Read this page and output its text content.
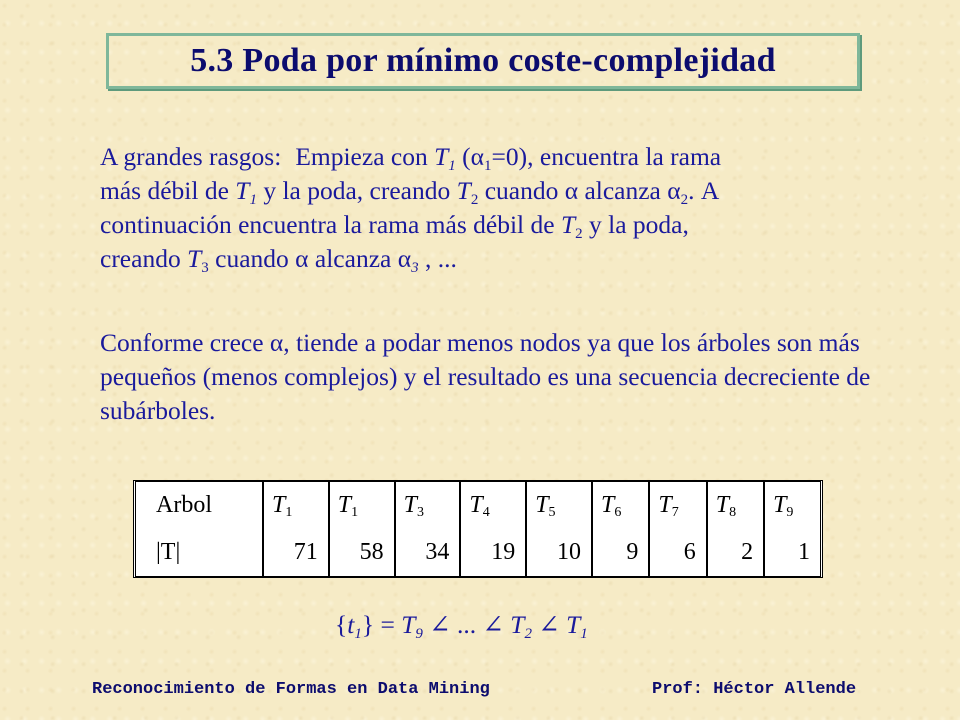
5.3 Poda por mínimo coste-complejidad
A grandes rasgos: Empieza con $T_1$ $(\alpha_1=0)$, encuentra la rama
más débil de $T_1$ y la poda, creando $T_2$ cuando α alcanza $\alpha_2$. A
continuación encuentra la rama más débil de $T_2$ y la poda,
creando $T_3$ cuando α alcanza $\alpha_3$ , ...
Conforme crece α, tiende a podar menos nodos ya que los árboles son más pequeños (menos complejos) y el resultado es una secuencia decreciente de subárboles.
Arbol	$T_1$	$T_1$	$T_3$	$T_4$	$T_5$	$T_6$	$T_7$	$T_8$	$T_9$
|T|	71	58	34	19	10	9	6	2	1
$\{t_1\} = T_9$ ∠ ... ∠ $T_2$ ∠ $T_1$
Reconocimiento de Formas en Data Mining	Prof: Héctor Allende
